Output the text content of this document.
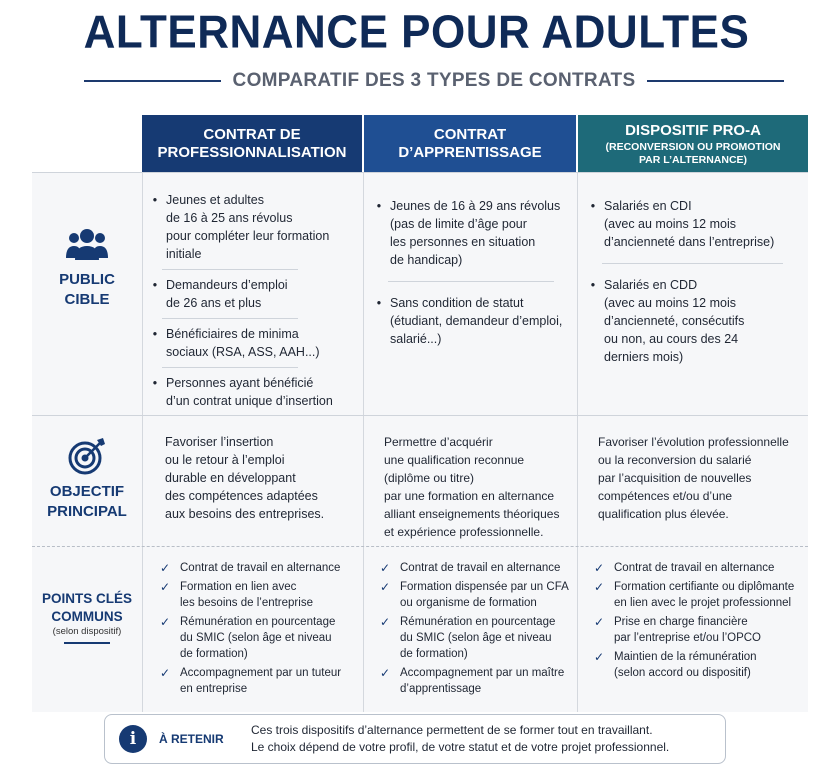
ALTERNANCE POUR ADULTES
COMPARATIF DES 3 TYPES DE CONTRATS
CONTRAT DE
PROFESSIONNALISATION
CONTRAT
D’APPRENTISSAGE
DISPOSITIF PRO-A
(RECONVERSION OU PROMOTION
PAR L’ALTERNANCE)
PUBLIC
CIBLE
OBJECTIF
PRINCIPAL
POINTS CLÉS
COMMUNS
(selon dispositif)
• Jeunes et adultes
de 16 à 25 ans révolus
pour compléter leur formation
initiale
• Demandeurs d’emploi
de 26 ans et plus
• Bénéficiaires de minima
sociaux (RSA, ASS, AAH...)
• Personnes ayant bénéficié
d’un contrat unique d’insertion
• Jeunes de 16 à 29 ans révolus
(pas de limite d’âge pour
les personnes en situation
de handicap)
• Sans condition de statut
(étudiant, demandeur d’emploi,
salarié...)
• Salariés en CDI
(avec au moins 12 mois
d’ancienneté dans l’entreprise)
• Salariés en CDD
(avec au moins 12 mois
d’ancienneté, consécutifs
ou non, au cours des 24
derniers mois)
Favoriser l’insertion
ou le retour à l’emploi
durable en développant
des compétences adaptées
aux besoins des entreprises.
Permettre d’acquérir
une qualification reconnue
(diplôme ou titre)
par une formation en alternance
alliant enseignements théoriques
et expérience professionnelle.
Favoriser l’évolution professionnelle
ou la reconversion du salarié
par l’acquisition de nouvelles
compétences et/ou d’une
qualification plus élevée.
✓ Contrat de travail en alternance
✓ Formation en lien avec
les besoins de l’entreprise
✓ Rémunération en pourcentage
du SMIC (selon âge et niveau
de formation)
✓ Accompagnement par un tuteur
en entreprise
✓ Contrat de travail en alternance
✓ Formation dispensée par un CFA
ou organisme de formation
✓ Rémunération en pourcentage
du SMIC (selon âge et niveau
de formation)
✓ Accompagnement par un maître
d’apprentissage
✓ Contrat de travail en alternance
✓ Formation certifiante ou diplômante
en lien avec le projet professionnel
✓ Prise en charge financière
par l’entreprise et/ou l’OPCO
✓ Maintien de la rémunération
(selon accord ou dispositif)
i	À RETENIR
Ces trois dispositifs d’alternance permettent de se former tout en travaillant.
Le choix dépend de votre profil, de votre statut et de votre projet professionnel.
